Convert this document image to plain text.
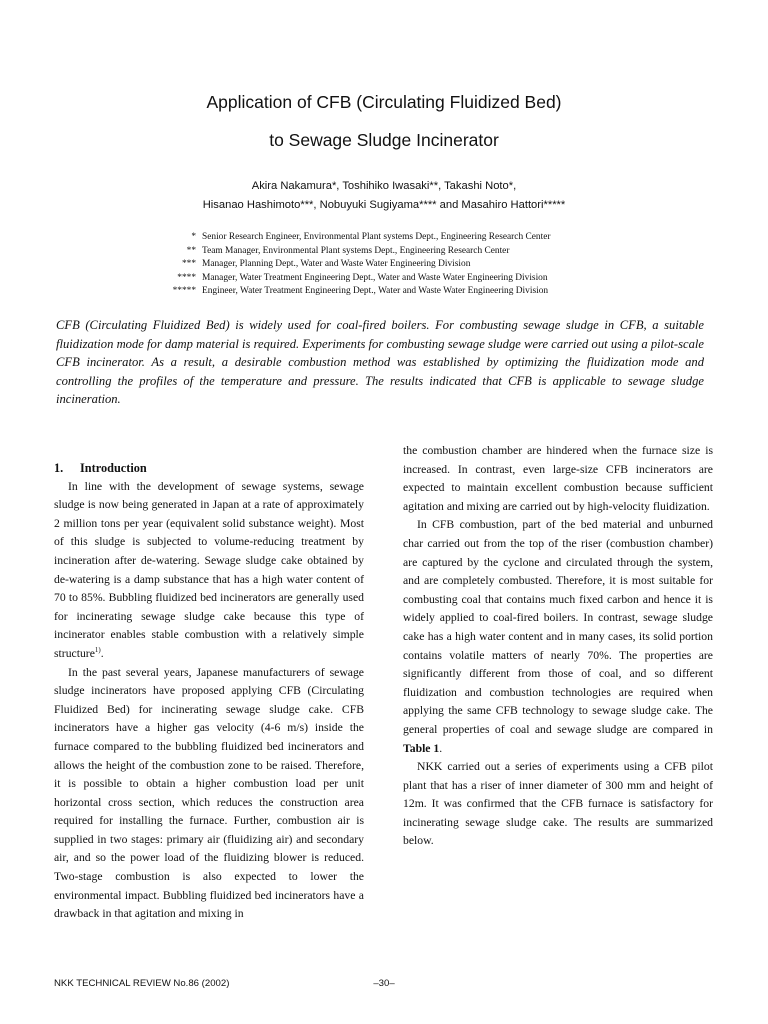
Application of CFB (Circulating Fluidized Bed)
to Sewage Sludge Incinerator
Akira Nakamura*, Toshihiko Iwasaki**, Takashi Noto*,
Hisanao Hashimoto***, Nobuyuki Sugiyama**** and Masahiro Hattori*****
* Senior Research Engineer, Environmental Plant systems Dept., Engineering Research Center
** Team Manager, Environmental Plant systems Dept., Engineering Research Center
*** Manager, Planning Dept., Water and Waste Water Engineering Division
**** Manager, Water Treatment Engineering Dept., Water and Waste Water Engineering Division
***** Engineer, Water Treatment Engineering Dept., Water and Waste Water Engineering Division

CFB (Circulating Fluidized Bed) is widely used for coal-fired boilers. For combusting sewage sludge in CFB, a suitable fluidization mode for damp material is required. Experiments for combusting sewage sludge were carried out using a pilot-scale CFB incinerator. As a result, a desirable combustion method was established by optimizing the fluidization mode and controlling the profiles of the temperature and pressure. The results indicated that CFB is applicable to sewage sludge incineration.

1. Introduction

In line with the development of sewage systems, sewage sludge is now being generated in Japan at a rate of approximately 2 million tons per year (equivalent solid substance weight). Most of this sludge is subjected to volume-reducing treatment by incineration after de-watering. Sewage sludge cake obtained by de-watering is a damp substance that has a high water content of 70 to 85%. Bubbling fluidized bed incinerators are generally used for incinerating sewage sludge cake because this type of incinerator enables stable combustion with a relatively simple structure$^{1)}$.

In the past several years, Japanese manufacturers of sewage sludge incinerators have proposed applying CFB (Circulating Fluidized Bed) for incinerating sewage sludge cake. CFB incinerators have a higher gas velocity (4-6 m/s) inside the furnace compared to the bubbling fluidized bed incinerators and allows the height of the combustion zone to be raised. Therefore, it is possible to obtain a higher combustion load per unit horizontal cross section, which reduces the construction area required for installing the furnace. Further, combustion air is supplied in two stages: primary air (fluidizing air) and secondary air, and so the power load of the fluidizing blower is reduced. Two-stage combustion is also expected to lower the environmental impact. Bubbling fluidized bed incinerators have a drawback in that agitation and mixing in

the combustion chamber are hindered when the furnace size is increased. In contrast, even large-size CFB incinerators are expected to maintain excellent combustion because sufficient agitation and mixing are carried out by high-velocity fluidization.

In CFB combustion, part of the bed material and unburned char carried out from the top of the riser (combustion chamber) are captured by the cyclone and circulated through the system, and are completely combusted. Therefore, it is most suitable for combusting coal that contains much fixed carbon and hence it is widely applied to coal-fired boilers. In contrast, sewage sludge cake has a high water content and in many cases, its solid portion contains volatile matters of nearly 70%. The properties are significantly different from those of coal, and so different fluidization and combustion technologies are required when applying the same CFB technology to sewage sludge cake. The general properties of coal and sewage sludge are compared in Table 1.

NKK carried out a series of experiments using a CFB pilot plant that has a riser of inner diameter of 300 mm and height of 12m. It was confirmed that the CFB furnace is satisfactory for incinerating sewage sludge cake. The results are summarized below.

NKK TECHNICAL REVIEW No.86 (2002)	–30–
